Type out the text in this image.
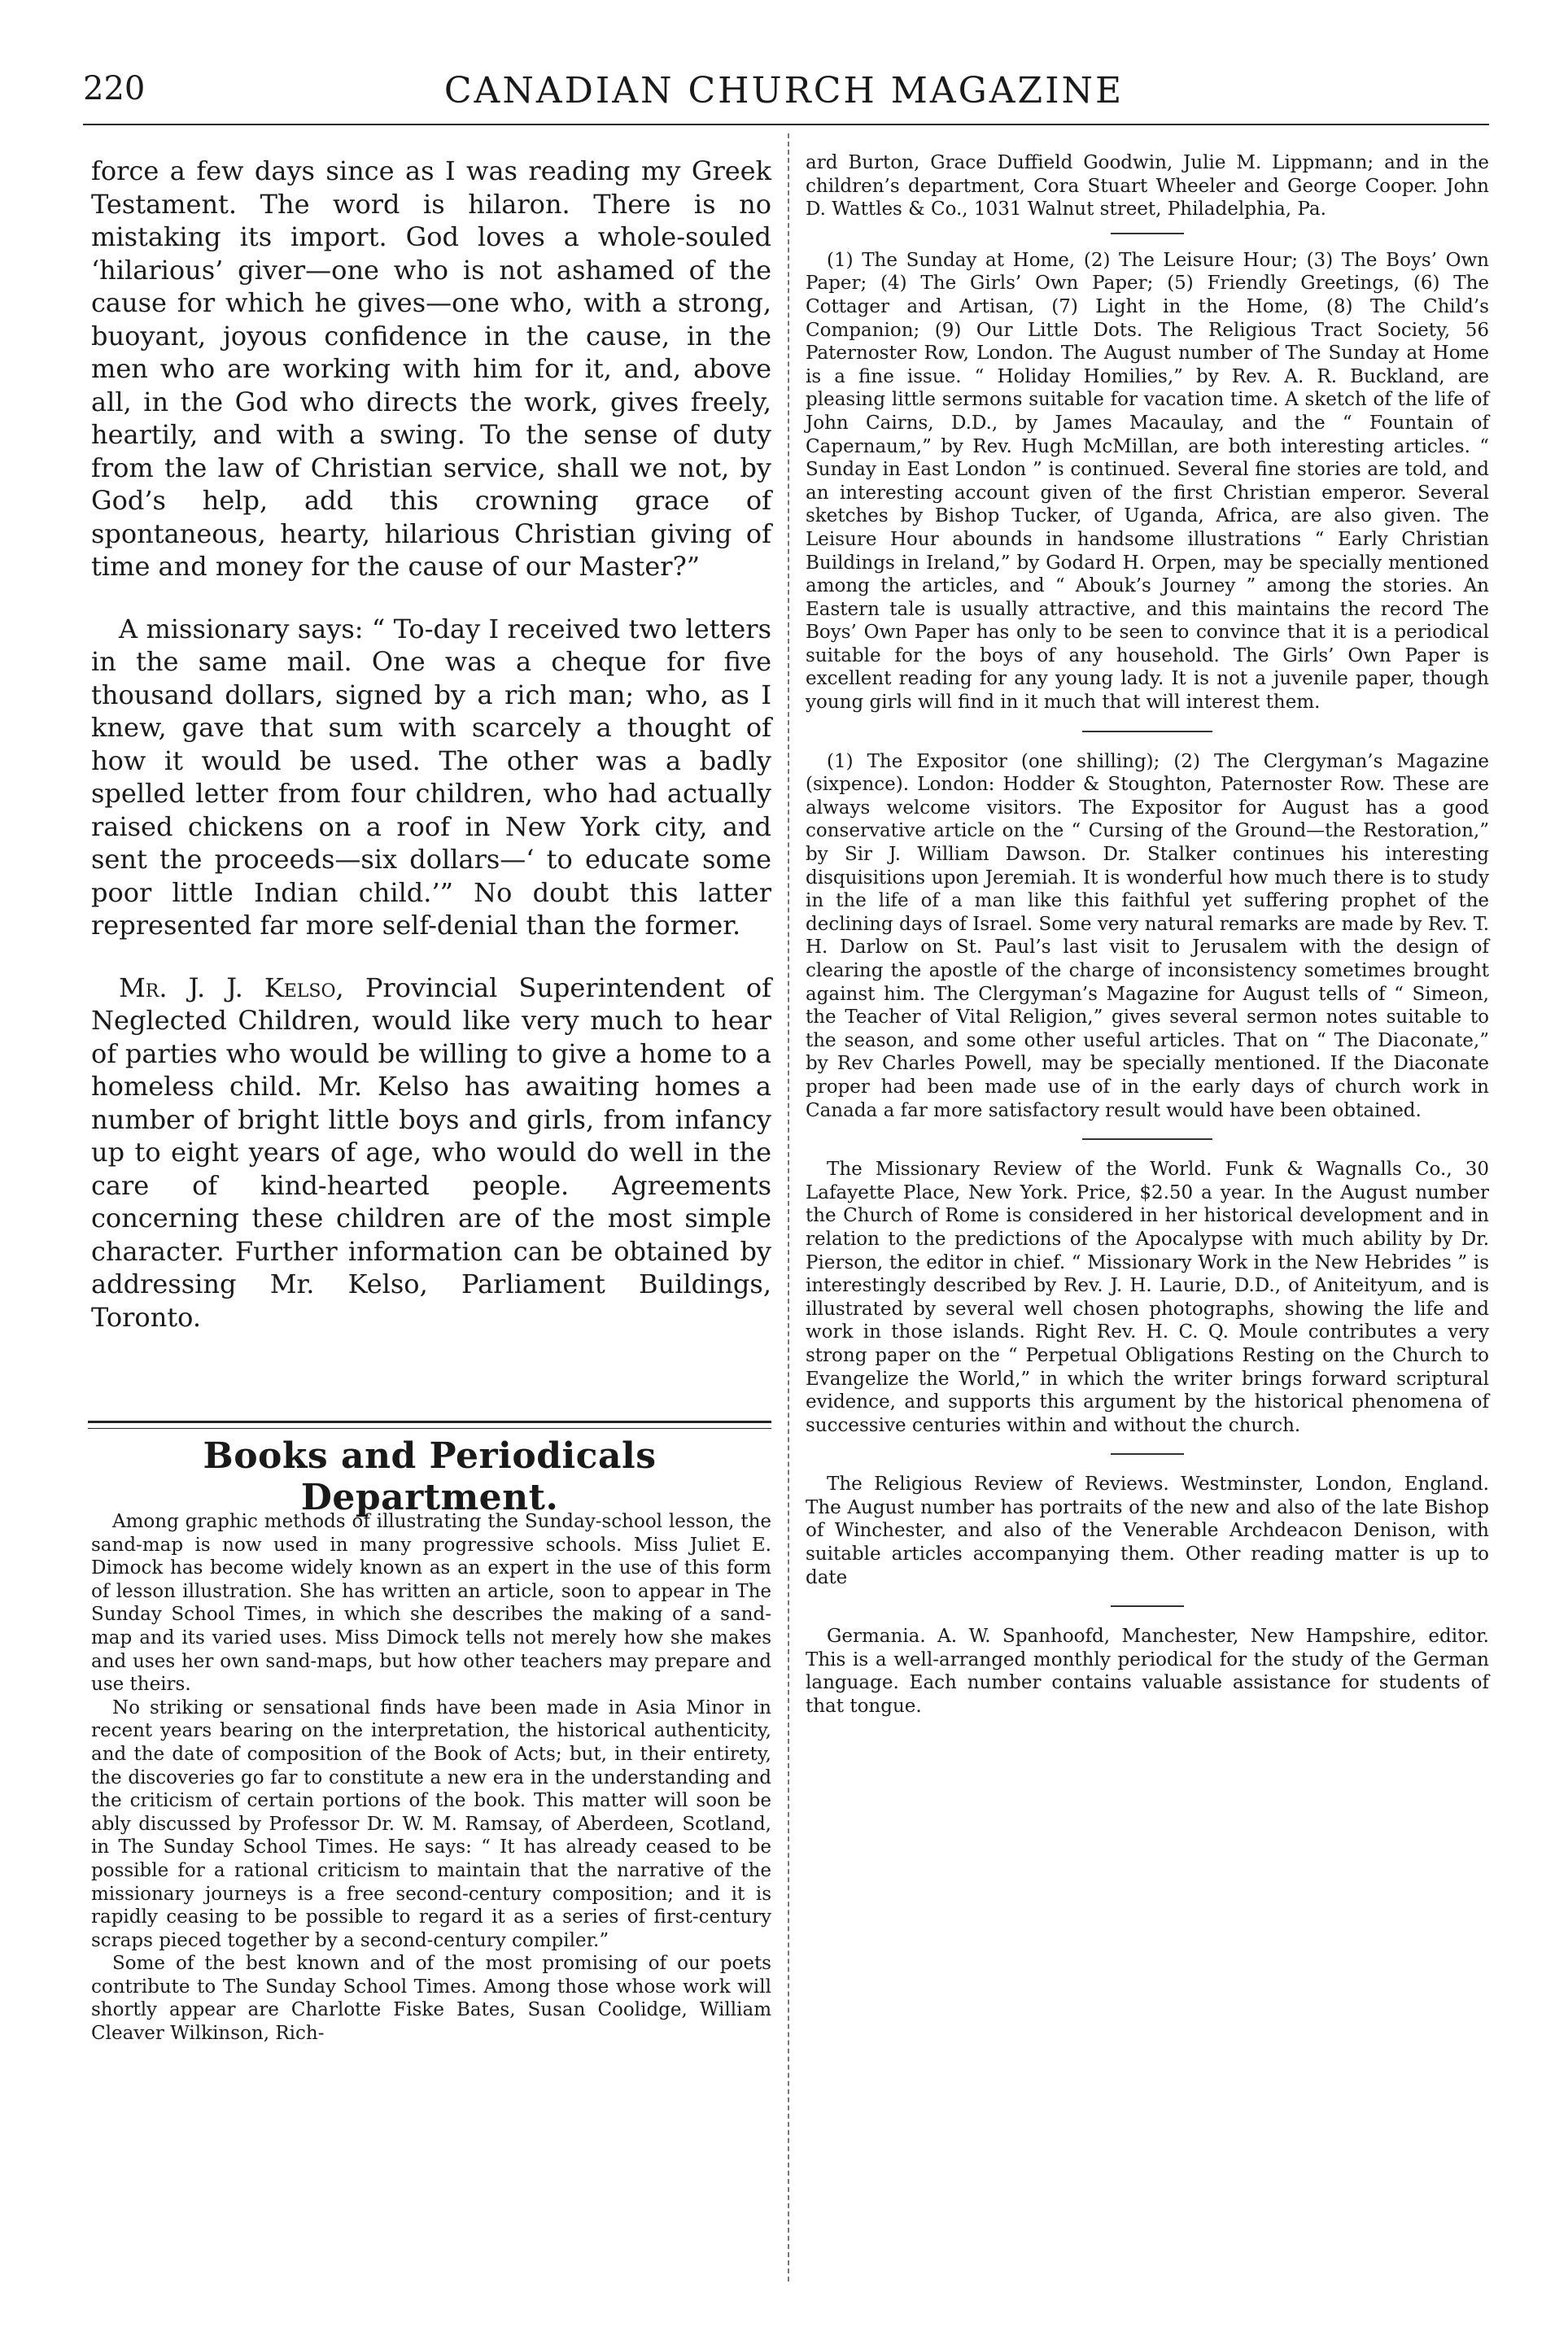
220	CANADIAN CHURCH MAGAZINE

force a few days since as I was reading my Greek Testament. The word is hilaron. There is no mistaking its import. God loves a whole-souled ‘hilarious’ giver—one who is not ashamed of the cause for which he gives—one who, with a strong, buoyant, joyous confidence in the cause, in the men who are working with him for it, and, above all, in the God who directs the work, gives freely, heartily, and with a swing. To the sense of duty from the law of Christian service, shall we not, by God’s help, add this crowning grace of spontaneous, hearty, hilarious Christian giving of time and money for the cause of our Master?”

A missionary says: “ To-day I received two letters in the same mail. One was a cheque for five thousand dollars, signed by a rich man; who, as I knew, gave that sum with scarcely a thought of how it would be used. The other was a badly spelled letter from four children, who had actually raised chickens on a roof in New York city, and sent the proceeds—six dollars—‘ to educate some poor little Indian child.’” No doubt this latter represented far more self-denial than the former.

Mr. J. J. Kelso, Provincial Superintendent of Neglected Children, would like very much to hear of parties who would be willing to give a home to a homeless child. Mr. Kelso has awaiting homes a number of bright little boys and girls, from infancy up to eight years of age, who would do well in the care of kind-hearted people. Agreements concerning these children are of the most simple character. Further information can be obtained by addressing Mr. Kelso, Parliament Buildings, Toronto.

Books and Periodicals Department.

Among graphic methods of illustrating the Sunday-school lesson, the sand-map is now used in many progressive schools. Miss Juliet E. Dimock has become widely known as an expert in the use of this form of lesson illustration. She has written an article, soon to appear in The Sunday School Times, in which she describes the making of a sand-map and its varied uses. Miss Dimock tells not merely how she makes and uses her own sand-maps, but how other teachers may prepare and use theirs.

No striking or sensational finds have been made in Asia Minor in recent years bearing on the interpretation, the historical authenticity, and the date of composition of the Book of Acts; but, in their entirety, the discoveries go far to constitute a new era in the understanding and the criticism of certain portions of the book. This matter will soon be ably discussed by Professor Dr. W. M. Ramsay, of Aberdeen, Scotland, in The Sunday School Times. He says: “ It has already ceased to be possible for a rational criticism to maintain that the narrative of the missionary journeys is a free second-century composition; and it is rapidly ceasing to be possible to regard it as a series of first-century scraps pieced together by a second-century compiler.”

Some of the best known and of the most promising of our poets contribute to The Sunday School Times. Among those whose work will shortly appear are Charlotte Fiske Bates, Susan Coolidge, William Cleaver Wilkinson, Rich-

ard Burton, Grace Duffield Goodwin, Julie M. Lippmann; and in the children’s department, Cora Stuart Wheeler and George Cooper. John D. Wattles & Co., 1031 Walnut street, Philadelphia, Pa.

(1) The Sunday at Home, (2) The Leisure Hour; (3) The Boys’ Own Paper; (4) The Girls’ Own Paper; (5) Friendly Greetings, (6) The Cottager and Artisan, (7) Light in the Home, (8) The Child’s Companion; (9) Our Little Dots. The Religious Tract Society, 56 Paternoster Row, London. The August number of The Sunday at Home is a fine issue. “ Holiday Homilies,” by Rev. A. R. Buckland, are pleasing little sermons suitable for vacation time. A sketch of the life of John Cairns, D.D., by James Macaulay, and the “ Fountain of Capernaum,” by Rev. Hugh McMillan, are both interesting articles. “ Sunday in East London ” is continued. Several fine stories are told, and an interesting account given of the first Christian emperor. Several sketches by Bishop Tucker, of Uganda, Africa, are also given. The Leisure Hour abounds in handsome illustrations “ Early Christian Buildings in Ireland,” by Godard H. Orpen, may be specially mentioned among the articles, and “ Abouk’s Journey ” among the stories. An Eastern tale is usually attractive, and this maintains the record The Boys’ Own Paper has only to be seen to convince that it is a periodical suitable for the boys of any household. The Girls’ Own Paper is excellent reading for any young lady. It is not a juvenile paper, though young girls will find in it much that will interest them.

(1) The Expositor (one shilling); (2) The Clergyman’s Magazine (sixpence). London: Hodder & Stoughton, Paternoster Row. These are always welcome visitors. The Expositor for August has a good conservative article on the “ Cursing of the Ground—the Restoration,” by Sir J. William Dawson. Dr. Stalker continues his interesting disquisitions upon Jeremiah. It is wonderful how much there is to study in the life of a man like this faithful yet suffering prophet of the declining days of Israel. Some very natural remarks are made by Rev. T. H. Darlow on St. Paul’s last visit to Jerusalem with the design of clearing the apostle of the charge of inconsistency sometimes brought against him. The Clergyman’s Magazine for August tells of “ Simeon, the Teacher of Vital Religion,” gives several sermon notes suitable to the season, and some other useful articles. That on “ The Diaconate,” by Rev Charles Powell, may be specially mentioned. If the Diaconate proper had been made use of in the early days of church work in Canada a far more satisfactory result would have been obtained.

The Missionary Review of the World. Funk & Wagnalls Co., 30 Lafayette Place, New York. Price, $2.50 a year. In the August number the Church of Rome is considered in her historical development and in relation to the predictions of the Apocalypse with much ability by Dr. Pierson, the editor in chief. “ Missionary Work in the New Hebrides ” is interestingly described by Rev. J. H. Laurie, D.D., of Aniteityum, and is illustrated by several well chosen photographs, showing the life and work in those islands. Right Rev. H. C. Q. Moule contributes a very strong paper on the “ Perpetual Obligations Resting on the Church to Evangelize the World,” in which the writer brings forward scriptural evidence, and supports this argument by the historical phenomena of successive centuries within and without the church.

The Religious Review of Reviews. Westminster, London, England. The August number has portraits of the new and also of the late Bishop of Winchester, and also of the Venerable Archdeacon Denison, with suitable articles accompanying them. Other reading matter is up to date

Germania. A. W. Spanhoofd, Manchester, New Hampshire, editor. This is a well-arranged monthly periodical for the study of the German language. Each number contains valuable assistance for students of that tongue.
